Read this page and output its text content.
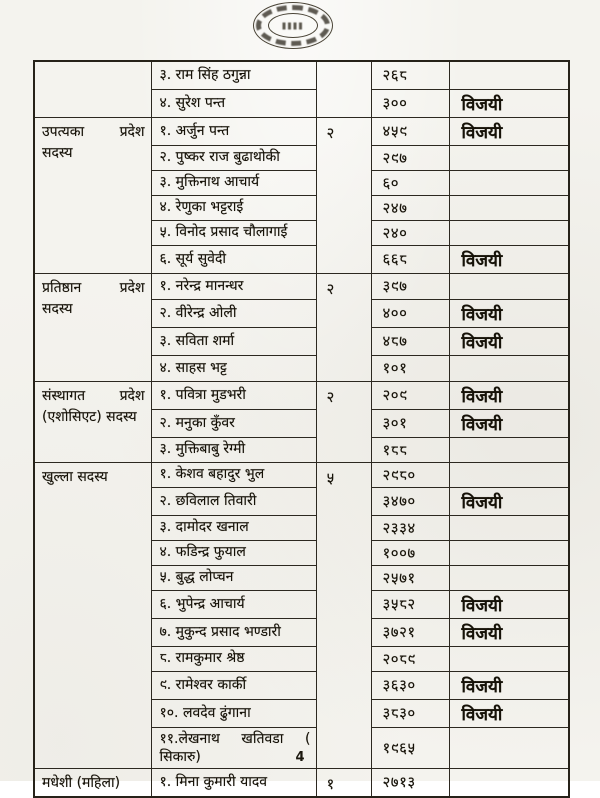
	३. राम सिंह ठगुन्ना		२६८	
	४. सुरेश पन्त		३००	विजयी
उपत्यका प्रदेश सदस्य	१. अर्जुन पन्त	२	४५९	विजयी
	२. पुष्कर राज बुढाथोकी		२९७	
	३. मुक्तिनाथ आचार्य		६०	
	४. रेणुका भट्टराई		२४७	
	५. विनोद प्रसाद चौलागाई		२४०	
	६. सूर्य सुवेदी		६६८	विजयी
प्रतिष्ठान प्रदेश सदस्य	१. नरेन्द्र मानन्धर	२	३९७	
	२. वीरेन्द्र ओली		४००	विजयी
	३. सविता शर्मा		४८७	विजयी
	४. साहस भट्ट		१०१	
संस्थागत प्रदेश (एशोसिएट) सदस्य	१. पवित्रा मुडभरी	२	२०९	विजयी
	२. मनुका कुँवर		३०१	विजयी
	३. मुक्तिबाबु रेग्मी		१८८	
खुल्ला सदस्य	१. केशव बहादुर भुल	५	२९८०	
	२. छविलाल तिवारी		३४७०	विजयी
	३. दामोदर खनाल		२३३४	
	४. फडिन्द्र फुयाल		१००७	
	५. बुद्ध लोप्चन		२५७१	
	६. भुपेन्द्र आचार्य		३५८२	विजयी
	७. मुकुन्द प्रसाद भण्डारी		३७२१	विजयी
	८. रामकुमार श्रेष्ठ		२०८९	
	९. रामेश्वर कार्की		३६३०	विजयी
	१०. लवदेव ढुंगाना		३८३०	विजयी
	११.लेखनाथ खतिवडा ( सिकारु)		१९६५	
मधेशी (महिला)	१. मिना कुमारी यादव	१	२७१३	
4
